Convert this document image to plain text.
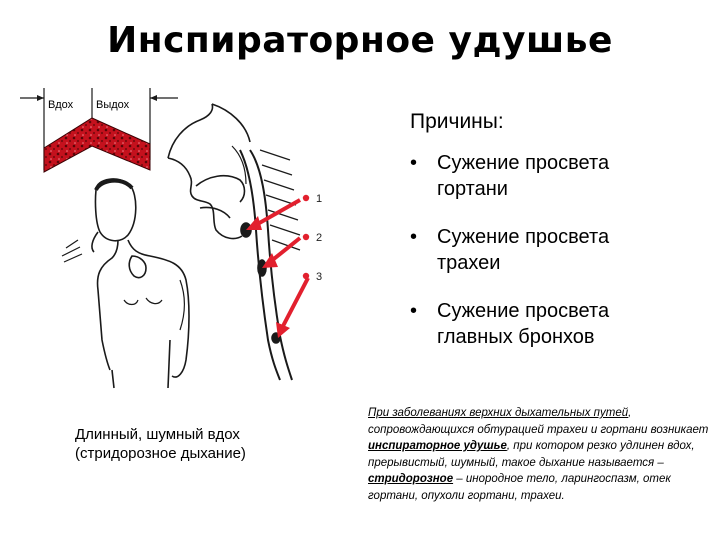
Инспираторное удушье
Вдох Выдох
1
2
3
Причины:
• Сужение просвета
гортани
• Сужение просвета
трахеи
• Сужение просвета
главных бронхов
Длинный, шумный вдох
(стридорозное дыхание)
При заболеваниях верхних дыхательных путей, сопровождающихся обтурацией трахеи и гортани возникает инспираторное удушье, при котором резко удлинен вдох, прерывистый, шумный, такое дыхание называется – стридорозное – инородное тело, ларингоспазм, отек гортани, опухоли гортани, трахеи.
